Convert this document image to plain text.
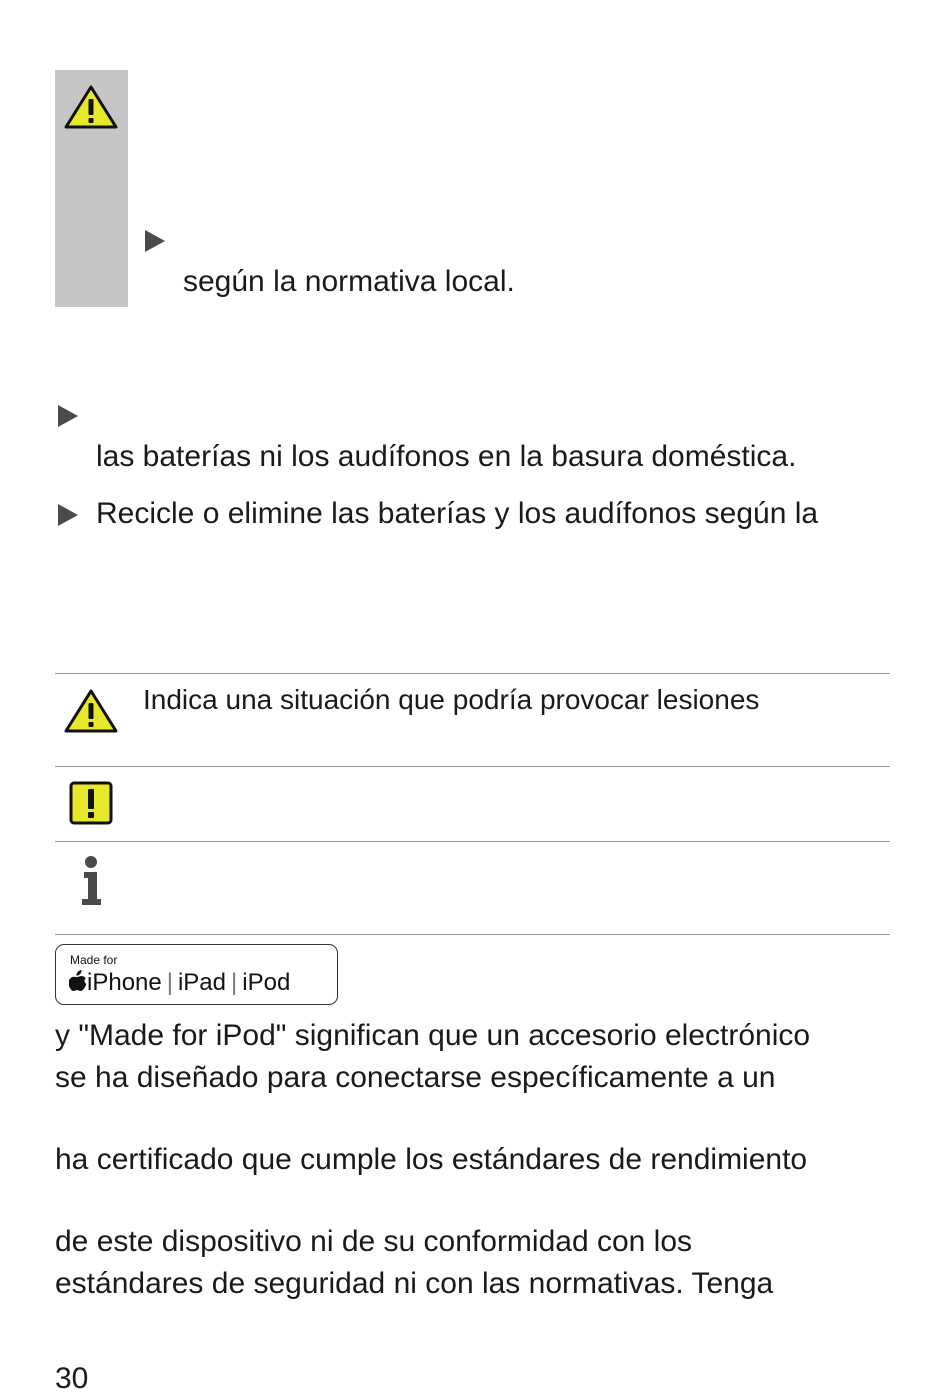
según la normativa local.
las baterías ni los audífonos en la basura doméstica.
Recicle o elimine las baterías y los audífonos según la
Indica una situación que podría provocar lesiones
Made for
iPhone | iPad | iPod
y "Made for iPod" significan que un accesorio electrónico
se ha diseñado para conectarse específicamente a un
ha certificado que cumple los estándares de rendimiento
de este dispositivo ni de su conformidad con los
estándares de seguridad ni con las normativas. Tenga
30
